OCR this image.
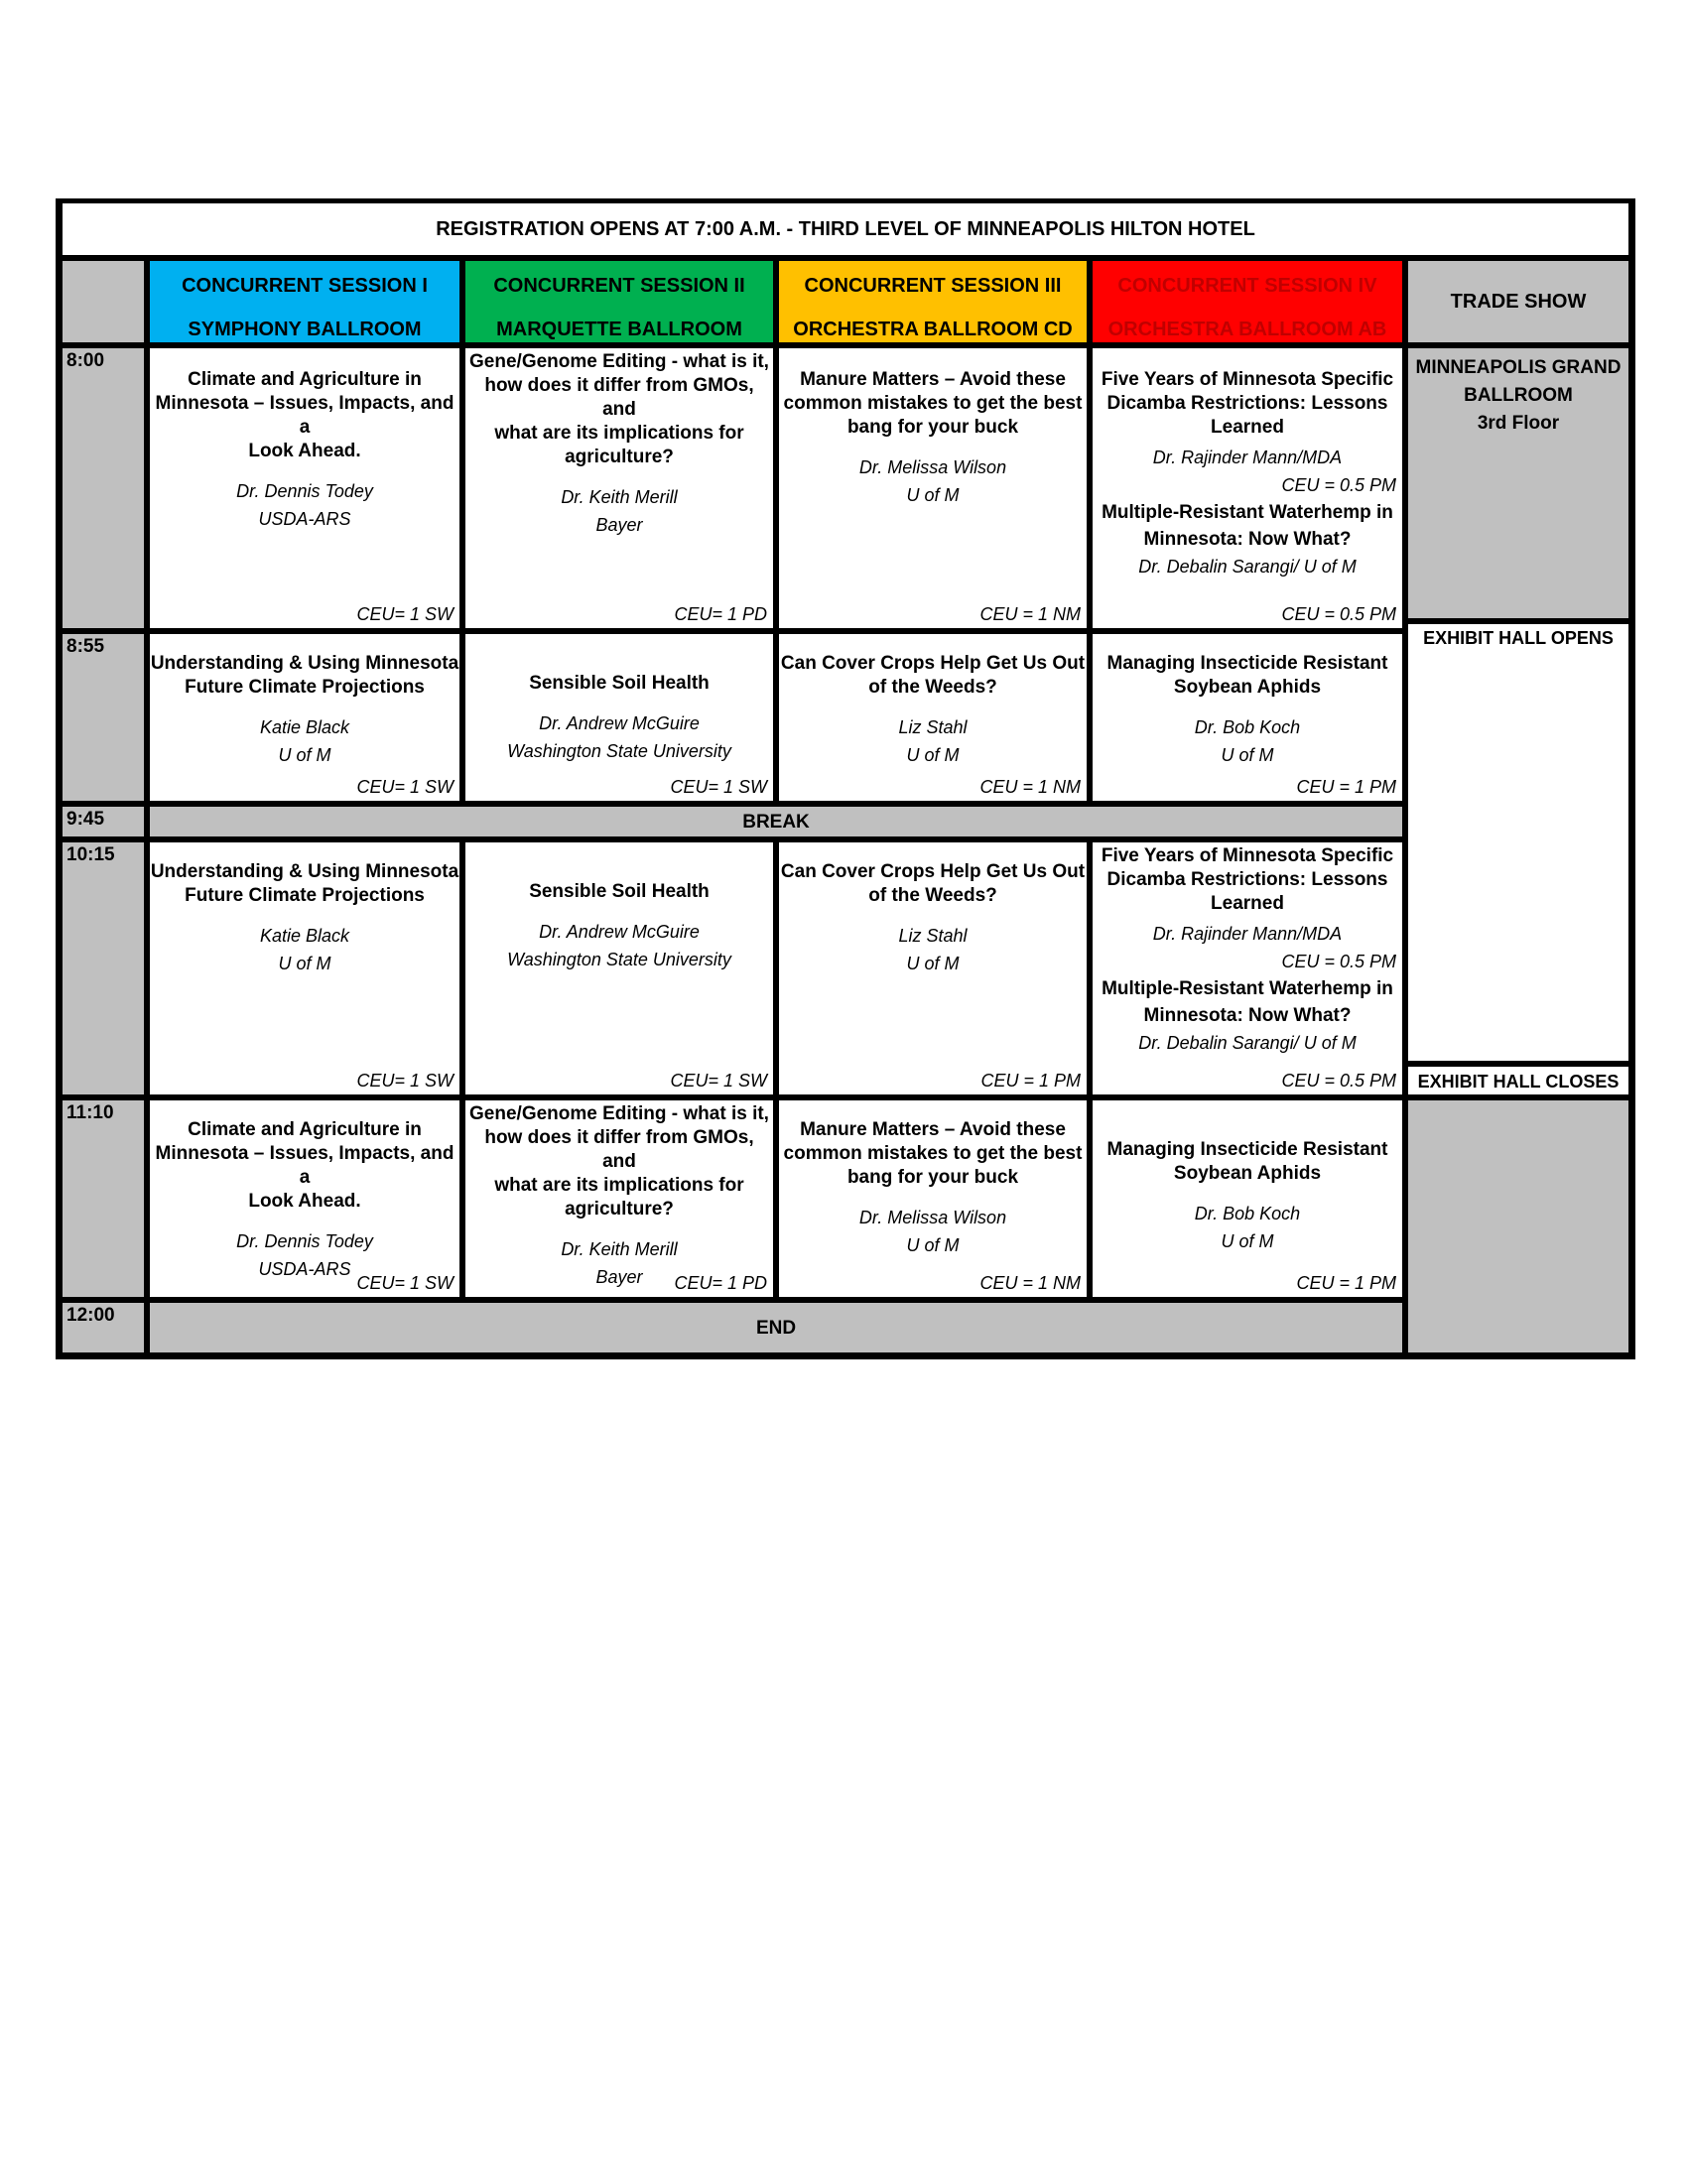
REGISTRATION OPENS AT 7:00 A.M. - THIRD LEVEL OF MINNEAPOLIS HILTON HOTEL
CONCURRENT SESSION I
SYMPHONY BALLROOM
CONCURRENT SESSION II
MARQUETTE BALLROOM
CONCURRENT SESSION III
ORCHESTRA BALLROOM CD
CONCURRENT SESSION IV
ORCHESTRA BALLROOM AB
TRADE SHOW
8:00
8:55
9:45
10:15
11:10
12:00
Climate and Agriculture in
Minnesota – Issues, Impacts, and a
Look Ahead.
Dr. Dennis Todey
USDA-ARS
CEU= 1 SW
Gene/Genome Editing - what is it,
how does it differ from GMOs, and
what are its implications for
agriculture?
Dr. Keith Merill
Bayer
CEU= 1 PD
Manure Matters – Avoid these
common mistakes to get the best
bang for your buck
Dr. Melissa Wilson
U of M
CEU = 1 NM
Five Years of Minnesota Specific
Dicamba Restrictions: Lessons
Learned
Dr. Rajinder Mann/MDA
CEU = 0.5 PM
Multiple-Resistant Waterhemp in
Minnesota: Now What?
Dr. Debalin Sarangi/ U of M
CEU = 0.5 PM
Understanding & Using Minnesota
Future Climate Projections
Katie Black
U of M
CEU= 1 SW
Sensible Soil Health
Dr. Andrew McGuire
Washington State University
CEU= 1 SW
Can Cover Crops Help Get Us Out
of the Weeds?
Liz Stahl
U of M
CEU = 1 NM
Managing Insecticide Resistant
Soybean Aphids
Dr. Bob Koch
U of M
CEU = 1 PM
Understanding & Using Minnesota
Future Climate Projections
Katie Black
U of M
CEU= 1 SW
Sensible Soil Health
Dr. Andrew McGuire
Washington State University
CEU= 1 SW
Can Cover Crops Help Get Us Out
of the Weeds?
Liz Stahl
U of M
CEU = 1 PM
Five Years of Minnesota Specific
Dicamba Restrictions: Lessons
Learned
Dr. Rajinder Mann/MDA
CEU = 0.5 PM
Multiple-Resistant Waterhemp in
Minnesota: Now What?
Dr. Debalin Sarangi/ U of M
CEU = 0.5 PM
Climate and Agriculture in
Minnesota – Issues, Impacts, and a
Look Ahead.
Dr. Dennis Todey
USDA-ARS
CEU= 1 SW
Gene/Genome Editing - what is it,
how does it differ from GMOs, and
what are its implications for
agriculture?
Dr. Keith Merill
Bayer	CEU= 1 PD
Manure Matters – Avoid these
common mistakes to get the best
bang for your buck
Dr. Melissa Wilson
U of M
CEU = 1 NM
Managing Insecticide Resistant
Soybean Aphids
Dr. Bob Koch
U of M
CEU = 1 PM
BREAK
END
MINNEAPOLIS GRAND
BALLROOM
3rd Floor
EXHIBIT HALL OPENS
EXHIBIT HALL CLOSES
